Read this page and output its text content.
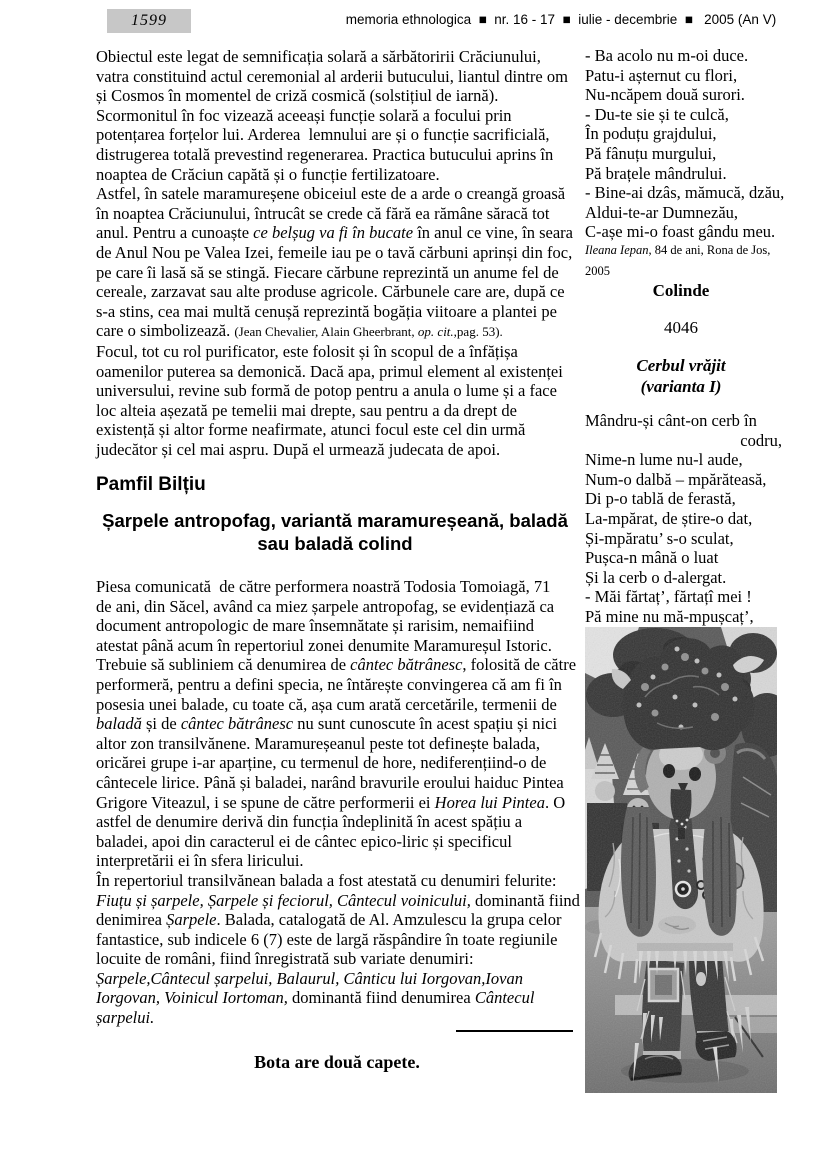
1599	memoria ethnologica  ■  nr. 16 - 17  ■  iulie - decembrie  ■   2005 (An V)
Obiectul este legat de semnificația solară a sărbătoririi Crăciunului,
vatra constituind actul ceremonial al arderii butucului, liantul dintre om
și Cosmos în momentel de criză cosmică (solstițiul de iarnă).
Scormonitul în foc vizează aceeași funcție solară a focului prin
potențarea forțelor lui. Arderea  lemnului are și o funcție sacrificială,
distrugerea totală prevestind regenerarea. Practica butucului aprins în
noaptea de Crăciun capătă și o funcție fertilizatoare.
Astfel, în satele maramureșene obiceiul este de a arde o creangă groasă
în noaptea Crăciunului, întrucât se crede că fără ea rămâne săracă tot
anul. Pentru a cunoaște ce belșug va fi în bucate în anul ce vine, în seara
de Anul Nou pe Valea Izei, femeile iau pe o tavă cărbuni aprinși din foc,
pe care îi lasă să se stingă. Fiecare cărbune reprezintă un anume fel de
cereale, zarzavat sau alte produse agricole. Cărbunele care are, după ce
s-a stins, cea mai multă cenușă reprezintă bogăția viitoare a plantei pe
care o simbolizează. (Jean Chevalier, Alain Gheerbrant, op. cit.,pag. 53).
Focul, tot cu rol purificator, este folosit și în scopul de a înfățișa
oamenilor puterea sa demonică. Dacă apa, primul element al existenței
universului, revine sub formă de potop pentru a anula o lume și a face
loc alteia așezată pe temelii mai drepte, sau pentru a da drept de
existență și altor forme neafirmate, atunci focul este cel din urmă
judecător și cel mai aspru. După el urmează judecata de apoi.
Pamfil Bilțiu
Șarpele antropofag, variantă maramureșeană, baladă
sau baladă colind
Piesa comunicată  de către performera noastră Todosia Tomoiagă, 71
de ani, din Săcel, având ca miez șarpele antropofag, se evidențiază ca
document antropologic de mare însemnătate și rarisim, nemaifiind
atestat până acum în repertoriul zonei denumite Maramureșul Istoric.
Trebuie să subliniem că denumirea de cântec bătrânesc, folosită de către
performeră, pentru a defini specia, ne întărește convingerea că am fi în
posesia unei balade, cu toate că, așa cum arată cercetările, termenii de
baladă și de cântec bătrânesc nu sunt cunoscute în acest spațiu și nici
altor zon transilvănene. Maramureșeanul peste tot definește balada,
oricărei grupe i-ar aparține, cu termenul de hore, nediferențiind-o de
cântecele lirice. Până și baladei, narând bravurile eroului haiduc Pintea
Grigore Viteazul, i se spune de către performerii ei Horea lui Pintea. O
astfel de denumire derivă din funcția îndeplinită în acest spățiu a
baladei, apoi din caracterul ei de cântec epico-liric și specificul
interpretării ei în sfera liricului.
În repertoriul transilvănean balada a fost atestată cu denumiri felurite:
Fiuțu și șarpele, Șarpele și feciorul, Cântecul voinicului, dominantă fiind
denimirea Șarpele. Balada, catalogată de Al. Amzulescu la grupa celor
fantastice, sub indicele 6 (7) este de largă răspândire în toate regiunile
locuite de români, fiind înregistrată sub variate denumiri:
Șarpele,Cântecul șarpelui, Balaurul, Cânticu lui Iorgovan,Iovan
Iorgovan, Voinicul Iortoman, dominantă fiind denumirea Cântecul
șarpelui.
Bota are două capete.
- Ba acolo nu m-oi duce.
Patu-i așternut cu flori,
Nu-ncăpem două surori.
- Du-te sie și te culcă,
În poduțu grajdului,
Pă fânuțu murgului,
Pă brațele mândrului.
- Bine-ai dzâs, mămucă, dzău,
Aldui-te-ar Dumnezău,
C-așe mi-o foast gându meu.
Ileana Iepan, 84 de ani, Rona de Jos,
2005
Colinde
4046
Cerbul vrăjit
(varianta I)
Mândru-și cânt-on cerb în
codru,
Nime-n lume nu-l aude,
Num-o dalbă – mpărăteasă,
Di p-o tablă de ferastă,
La-mpărat, de știre-o dat,
Și-mpăratu’ s-o sculat,
Pușca-n mână o luat
Și la cerb o d-alergat.
- Măi fărtaț’, fărtațî mei !
Pă mine nu mă-mpușcaț’,
